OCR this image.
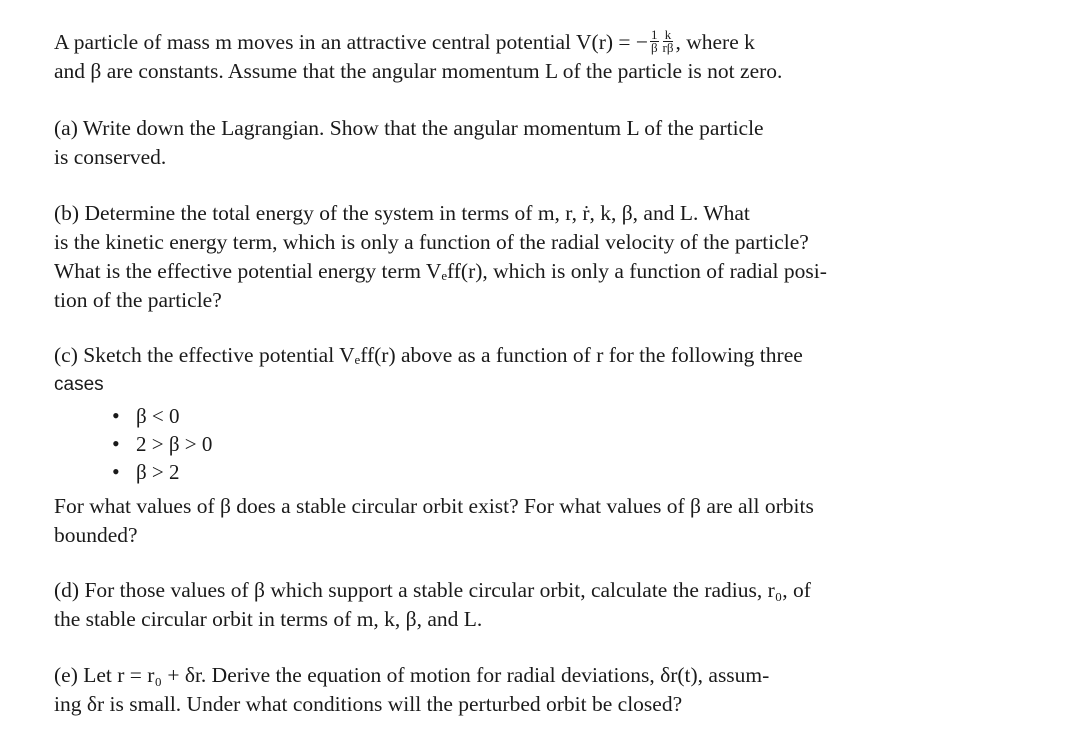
A particle of mass m moves in an attractive central potential V(r) = − $\frac{1}{\beta} \frac{k}{r\beta}$ , where k
and β are constants. Assume that the angular momentum L of the particle is not zero.
(a) Write down the Lagrangian. Show that the angular momentum L of the particle
is conserved.
(b) Determine the total energy of the system in terms of m, r, ṙ, k, β, and L. What
is the kinetic energy term, which is only a function of the radial velocity of the particle?
What is the effective potential energy term Vₑff(r), which is only a function of radial posi-
tion of the particle?
(c) Sketch the effective potential Vₑff(r) above as a function of r for the following three
cases
• β < 0
• 2 > β > 0
• β > 2
For what values of β does a stable circular orbit exist? For what values of β are all orbits
bounded?
(d) For those values of β which support a stable circular orbit, calculate the radius, r₀, of
the stable circular orbit in terms of m, k, β, and L.
(e) Let r = r₀ + δr. Derive the equation of motion for radial deviations, δr(t), assum-
ing δr is small. Under what conditions will the perturbed orbit be closed?
